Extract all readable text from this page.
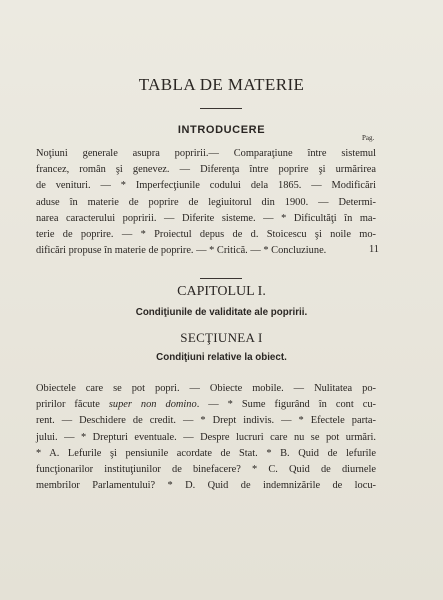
TABLA DE MATERIE
INTRODUCERE
Pag.
Noţiuni generale asupra popririi.— Comparaţiune între sistemul
francez, român şi genevez. — Diferenţa între poprire şi urmărirea
de venituri. — * Imperfecţiunile codului dela 1865. — Modificări
aduse în materie de poprire de legiuitorul din 1900. — Determi-
narea caracterului popririi. — Diferite sisteme. — * Dificultăţi în ma-
terie de poprire. — * Proiectul depus de d. Stoicescu şi noile mo-
dificări propuse în materie de poprire. — * Critică. — * Concluziune.	11
CAPITOLUL I.
Condiţiunile de validitate ale popririi.
SECŢIUNEA I
Condiţiuni relative la obiect.
Obiectele care se pot popri. — Obiecte mobile. — Nulitatea po-
pririlor făcute super non domino. — * Sume figurând în cont cu-
rent. — Deschidere de credit. — * Drept indivis. — * Efectele parta-
jului. — * Drepturi eventuale. — Despre lucruri care nu se pot urmări.
* A. Lefurile şi pensiunile acordate de Stat. * B. Quid de lefurile
funcţionarilor instituţiunilor de binefacere? * C. Quid de diurnele
membrilor Parlamentului? * D. Quid de indemnizările de locu-
